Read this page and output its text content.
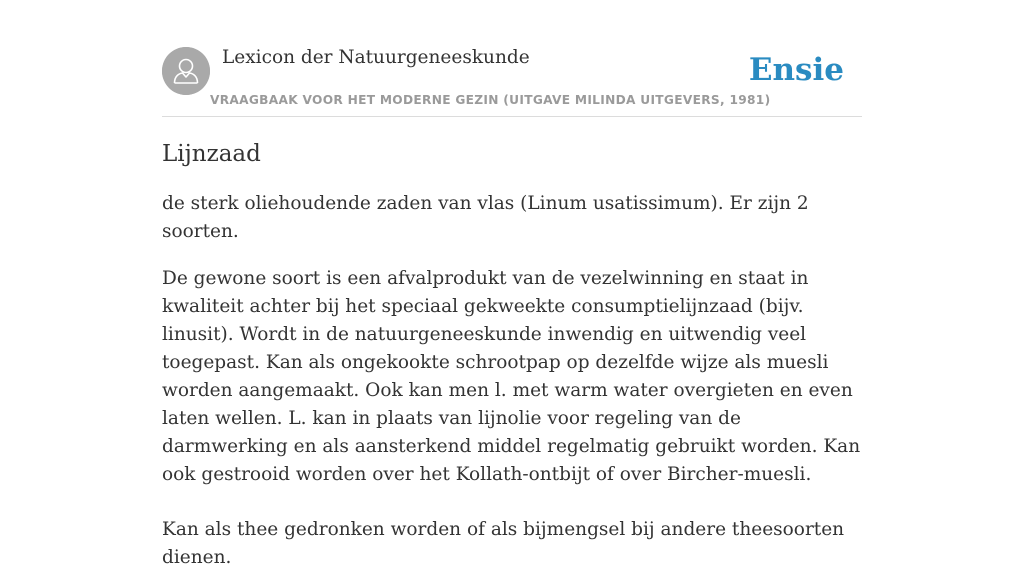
Lexicon der Natuurgeneeskunde
VRAAGBAAK VOOR HET MODERNE GEZIN (UITGAVE MILINDA UITGEVERS, 1981)
Ensie
Lijnzaad

de sterk oliehoudende zaden van vlas (Linum usatissimum). Er zijn 2 soorten.

De gewone soort is een afvalprodukt van de vezelwinning en staat in kwaliteit achter bij het speciaal gekweekte consumptielijnzaad (bijv. linusit). Wordt in de natuurgeneeskunde inwendig en uitwendig veel toegepast. Kan als ongekookte schrootpap op dezelfde wijze als muesli worden aangemaakt. Ook kan men l. met warm water overgieten en even laten wellen. L. kan in plaats van lijnolie voor regeling van de darmwerking en als aansterkend middel regelmatig gebruikt worden. Kan ook gestrooid worden over het Kollath-ontbijt of over Bircher-muesli.

Kan als thee gedronken worden of als bijmengsel bij andere theesoorten dienen.
